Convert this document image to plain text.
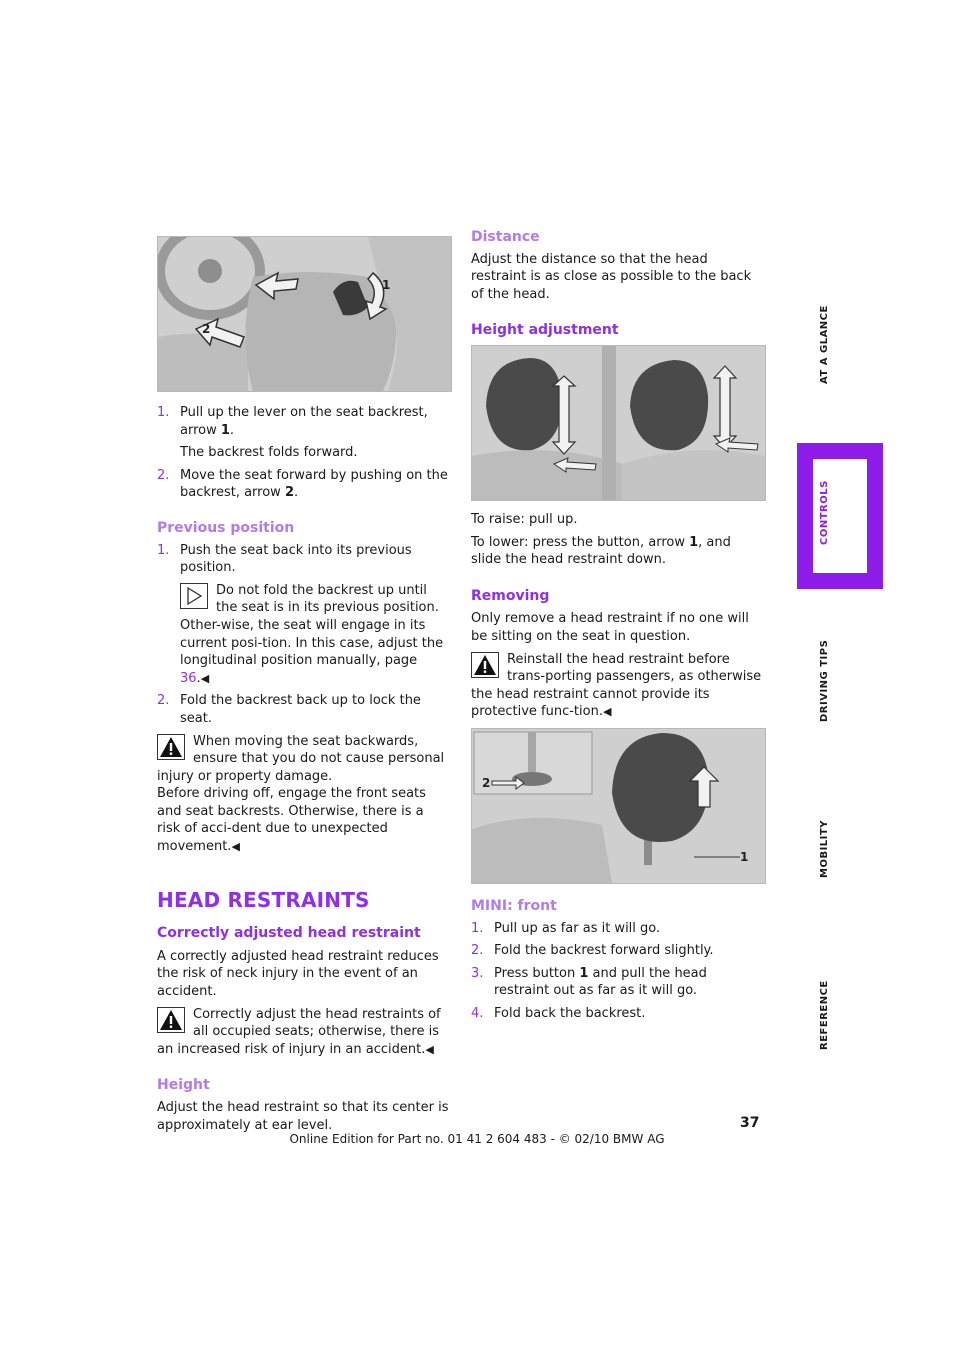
1
2
1. Pull up the lever on the seat backrest, arrow 1.

The backrest folds forward.

2. Move the seat forward by pushing on the backrest, arrow 2.
Previous position
1. Push the seat back into its previous position.
Do not fold the backrest up until the seat is in its previous position. Other-wise, the seat will engage in its current posi-tion. In this case, adjust the longitudinal position manually, page 36.◀
2. Fold the backrest back up to lock the seat.
When moving the seat backwards, ensure that you do not cause personal injury or property damage.

Before driving off, engage the front seats and seat backrests. Otherwise, there is a risk of acci-dent due to unexpected movement.◀

HEAD RESTRAINTS
Correctly adjusted head restraint

A correctly adjusted head restraint reduces the risk of neck injury in the event of an accident.

Correctly adjust the head restraints of all occupied seats; otherwise, there is an increased risk of injury in an accident.◀
Height

Adjust the head restraint so that its center is approximately at ear level.

Distance

Adjust the distance so that the head restraint is as close as possible to the back of the head.

Height adjustment

To raise: pull up.

To lower: press the button, arrow 1, and slide the head restraint down.

Removing

Only remove a head restraint if no one will be sitting on the seat in question.

Reinstall the head restraint before trans-porting passengers, as otherwise the head restraint cannot provide its protective func-tion.◀
2
1
MINI: front
1. Pull up as far as it will go.
2. Fold the backrest forward slightly.
3. Press button 1 and pull the head restraint out as far as it will go.
4. Fold back the backrest.
AT A GLANCE
CONTROLS
DRIVING TIPS
MOBILITY
REFERENCE
37
Online Edition for Part no. 01 41 2 604 483 - © 02/10 BMW AG
